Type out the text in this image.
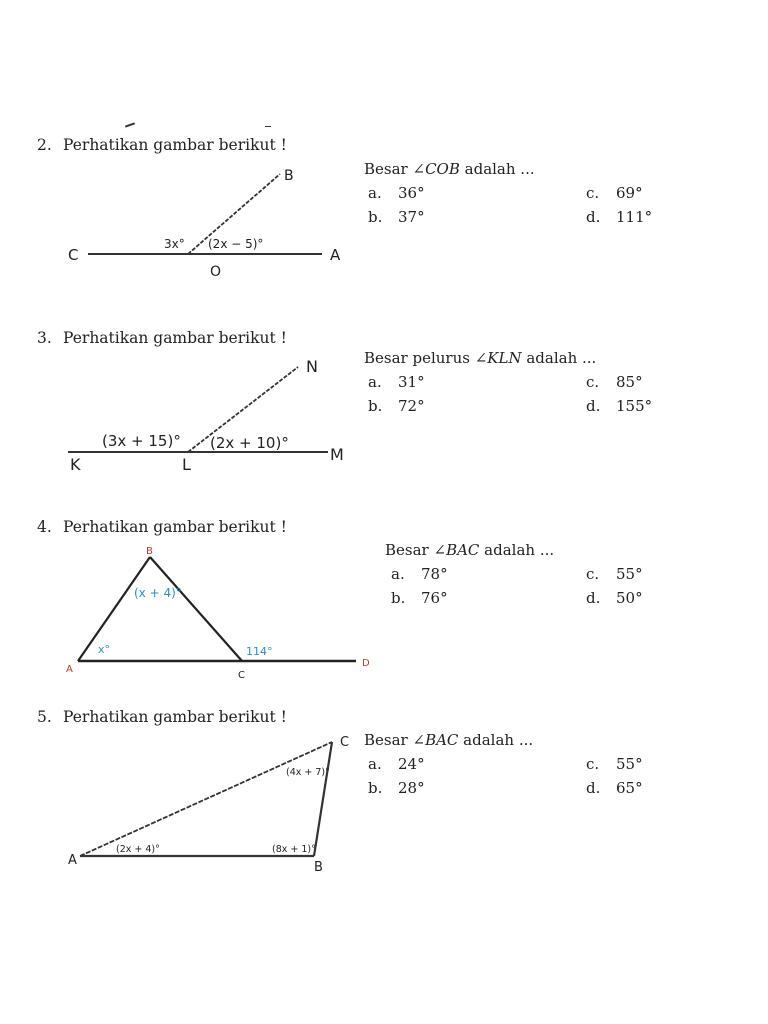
2. Perhatikan gambar berikut !
C
B
A
O
3x° (2x − 5)°
Besar ∠COB adalah ...
a. 36°	c. 69°
b. 37°	d. 111°
3. Perhatikan gambar berikut !
K	L
M
N
(3x + 15)° (2x + 10)°
Besar pelurus ∠KLN adalah ...
a. 31°	c. 85°
b. 72°	d. 155°
4. Perhatikan gambar berikut !
B
A
C
D
(x + 4)°
x°	114°
Besar ∠BAC adalah ...
a. 78°	c. 55°
b. 76°	d. 50°
5. Perhatikan gambar berikut !
A	B
C
(2x + 4)°	(8x + 1)°
(4x + 7)°
Besar ∠BAC adalah ...
a. 24°	c. 55°
b. 28°	d. 65°
